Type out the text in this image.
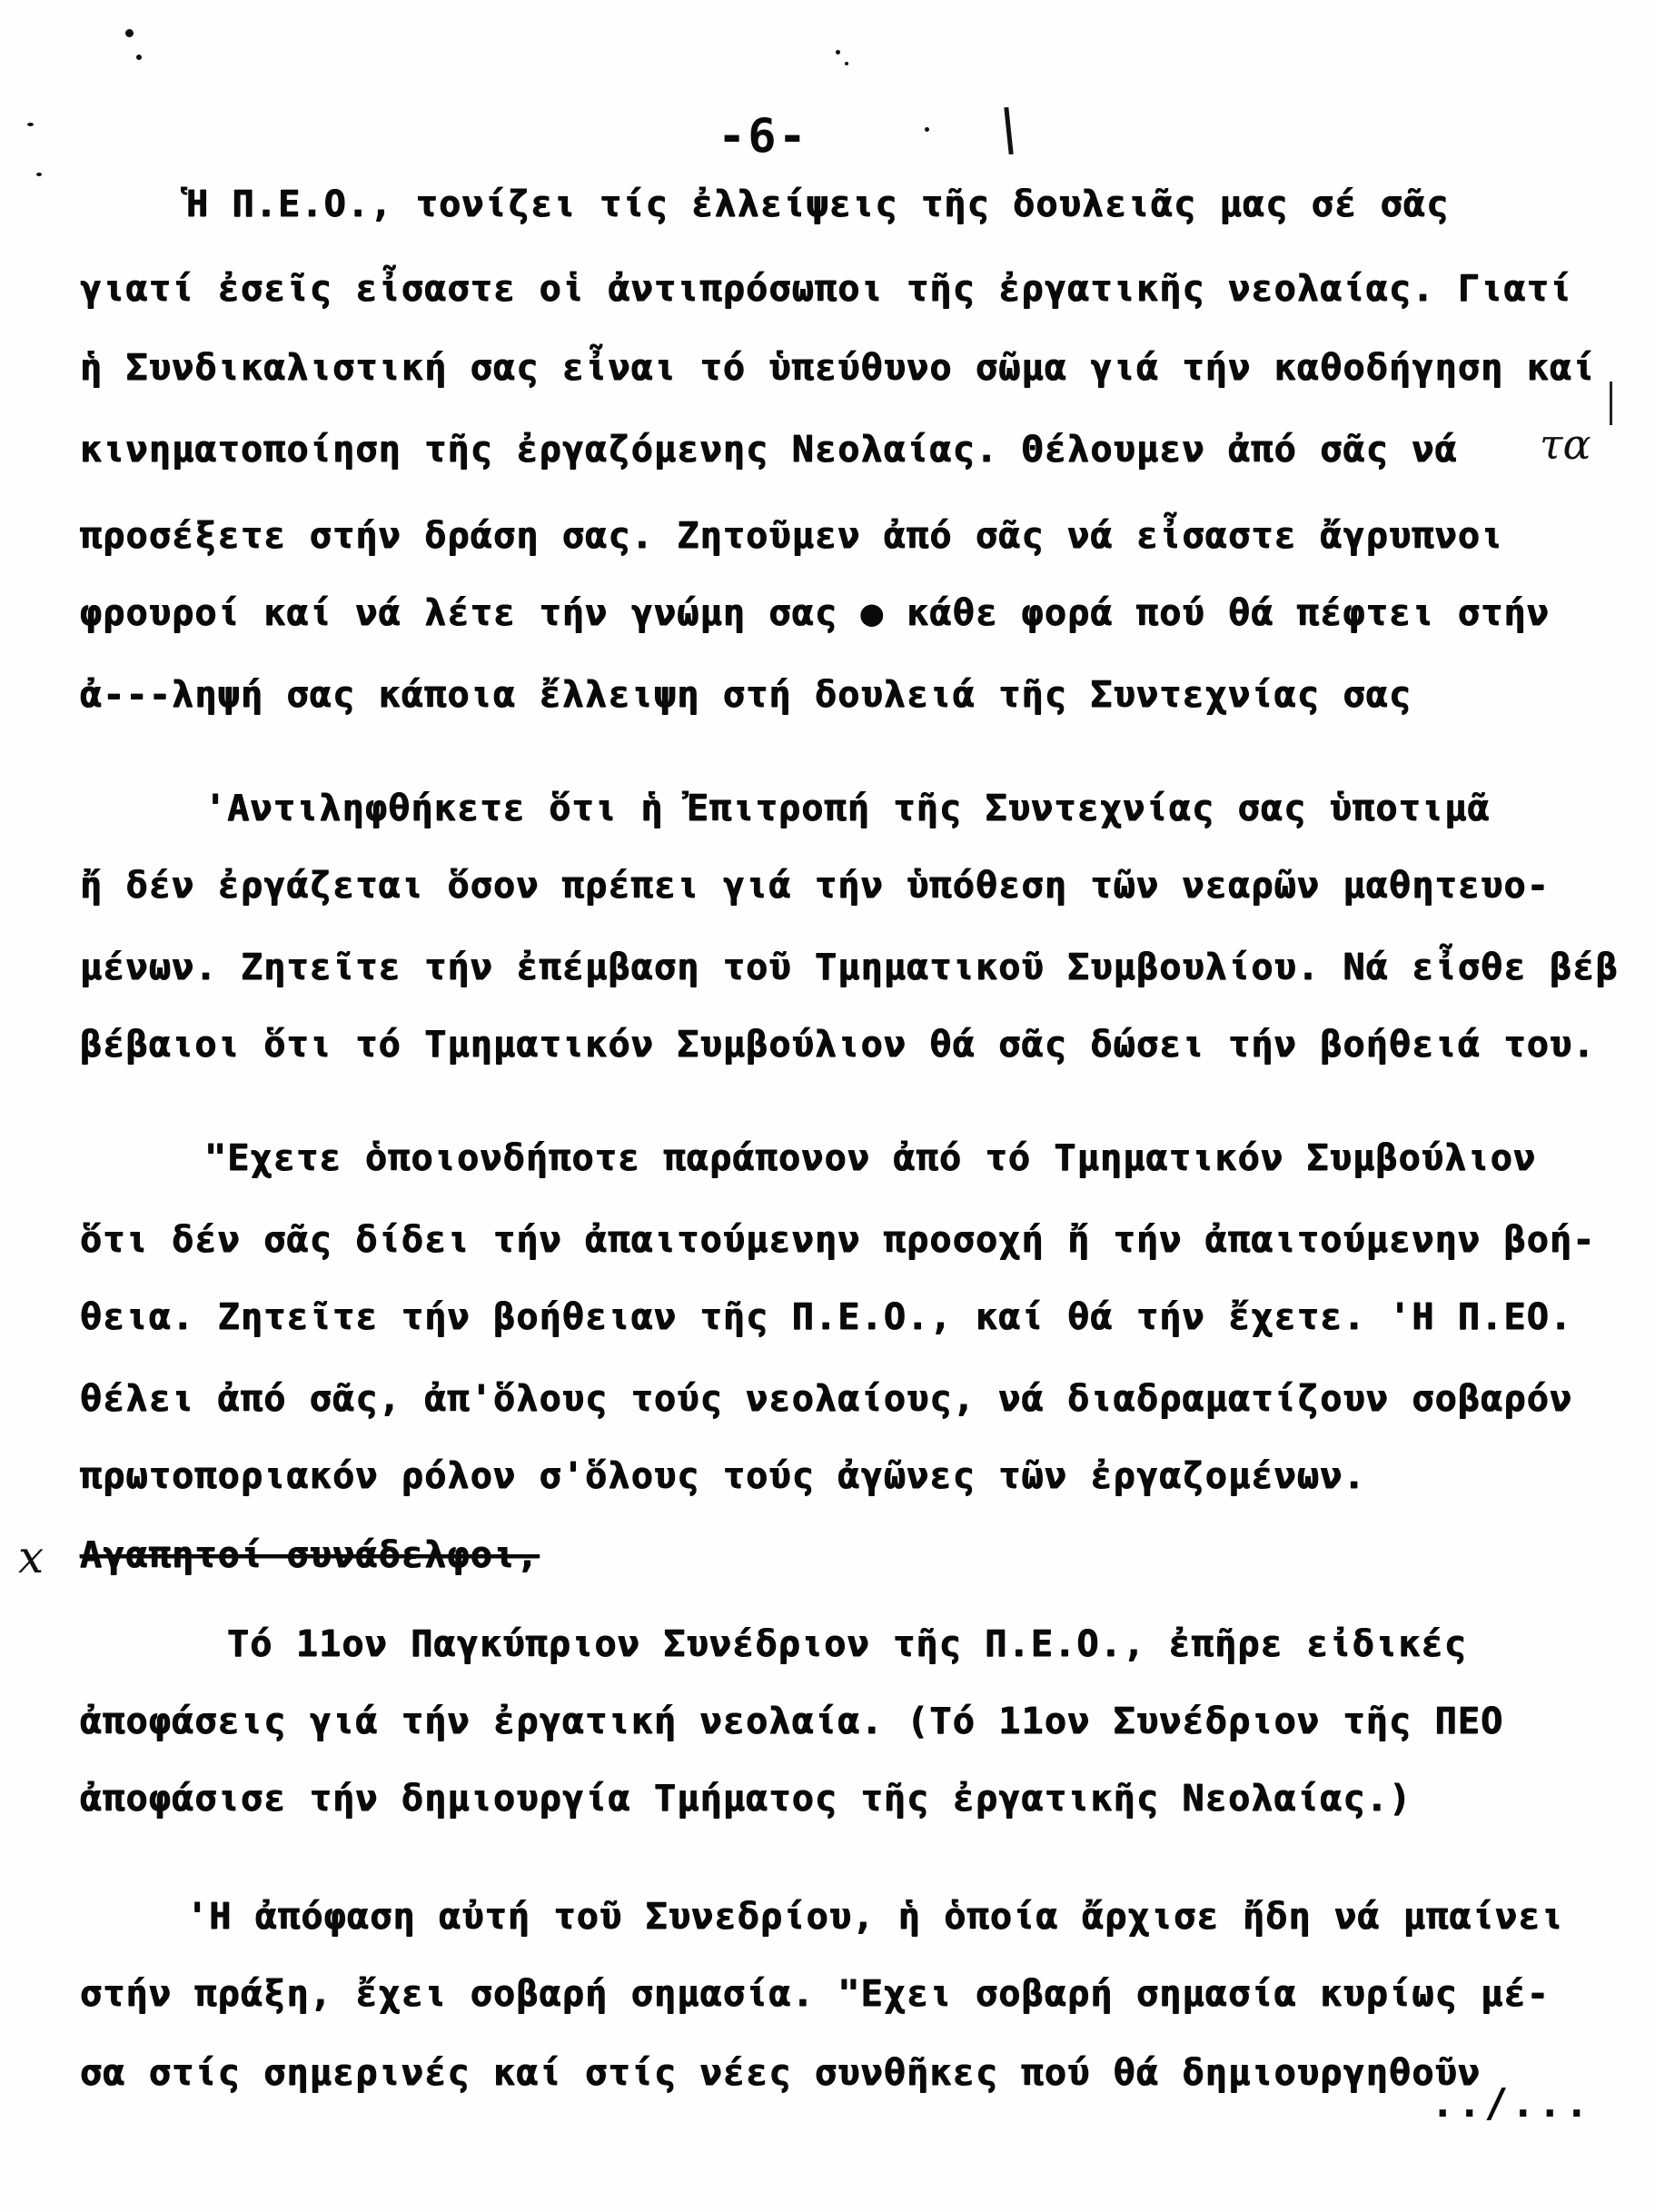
-6-
τα
x
Ἡ Π.Ε.Ο., τονίζει τίς ἐλλείψεις τῆς δουλειᾶς μας σέ σᾶς
γιατί ἐσεῖς εἶσαστε οἱ ἀντιπρόσωποι τῆς ἐργατικῆς νεολαίας. Γιατί
ἡ Συνδικαλιστική σας εἶναι τό ὑπεύθυνο σῶμα γιά τήν καθοδήγηση καί
κινηματοποίηση τῆς ἐργαζόμενης Νεολαίας. Θέλουμεν ἀπό σᾶς νά
προσέξετε στήν δράση σας. Ζητοῦμεν ἀπό σᾶς νά εἶσαστε ἄγρυπνοι
φρουροί καί νά λέτε τήν γνώμη σας ● κάθε φορά πού θά πέφτει στήν
ἀ---ληψή σας κάποια ἔλλειψη στή δουλειά τῆς Συντεχνίας σας
'Αντιληφθήκετε ὅτι ἡ Ἐπιτροπή τῆς Συντεχνίας σας ὑποτιμᾶ
ἤ δέν ἐργάζεται ὅσον πρέπει γιά τήν ὑπόθεση τῶν νεαρῶν μαθητευο-
μένων. Ζητεῖτε τήν ἐπέμβαση τοῦ Τμηματικοῦ Συμβουλίου. Νά εἶσθε βέβ
βέβαιοι ὅτι τό Τμηματικόν Συμβούλιον θά σᾶς δώσει τήν βοήθειά του.
"Εχετε ὁποιονδήποτε παράπονον ἀπό τό Τμηματικόν Συμβούλιον
ὅτι δέν σᾶς δίδει τήν ἀπαιτούμενην προσοχή ἤ τήν ἀπαιτούμενην βοή-
θεια. Ζητεῖτε τήν βοήθειαν τῆς Π.Ε.Ο., καί θά τήν ἔχετε. 'Η Π.ΕΟ.
θέλει ἀπό σᾶς, ἀπ'ὅλους τούς νεολαίους, νά διαδραματίζουν σοβαρόν
πρωτοποριακόν ρόλον σ'ὅλους τούς ἀγῶνες τῶν ἐργαζομένων.
Αγαπητοί συνάδελφοι,
Τό 11ον Παγκύπριον Συνέδριον τῆς Π.Ε.Ο., ἐπῆρε εἰδικές
ἀποφάσεις γιά τήν ἐργατική νεολαία. (Τό 11ον Συνέδριον τῆς ΠΕΟ
ἀποφάσισε τήν δημιουργία Τμήματος τῆς ἐργατικῆς Νεολαίας.)
'Η ἀπόφαση αὐτή τοῦ Συνεδρίου, ἡ ὁποία ἄρχισε ἤδη νά μπαίνει
στήν πράξη, ἔχει σοβαρή σημασία. "Εχει σοβαρή σημασία κυρίως μέ-
σα στίς σημερινές καί στίς νέες συνθῆκες πού θά δημιουργηθοῦν
../...
